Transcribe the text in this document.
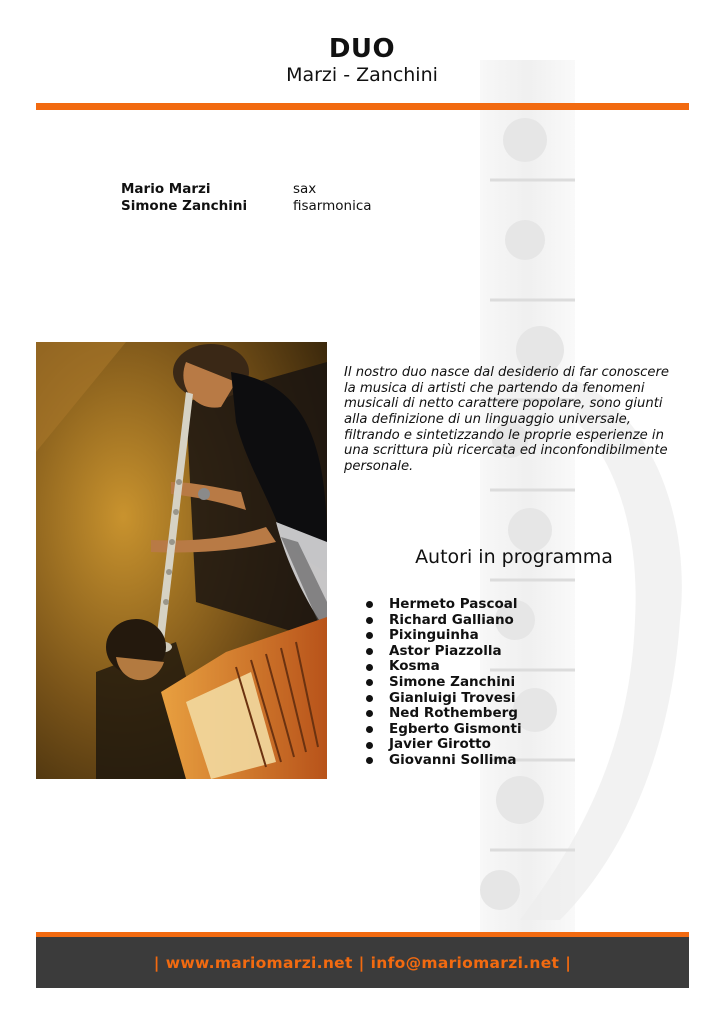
DUO
Marzi - Zanchini
Mario Marzi	sax
Simone Zanchini	fisarmonica

Il nostro duo nasce dal desiderio di far conoscere la musica di artisti che partendo da fenomeni musicali di netto carattere popolare, sono giunti alla definizione di un linguaggio universale, filtrando e sintetizzando le proprie esperienze in una scrittura più ricercata ed inconfondibilmente personale.

Autori in programma
Hermeto Pascoal
Richard Galliano
Pixinguinha
Astor Piazzolla
Kosma
Simone Zanchini
Gianluigi Trovesi
Ned Rothemberg
Egberto Gismonti
Javier Girotto
Giovanni Sollima
| www.mariomarzi.net | info@mariomarzi.net |
